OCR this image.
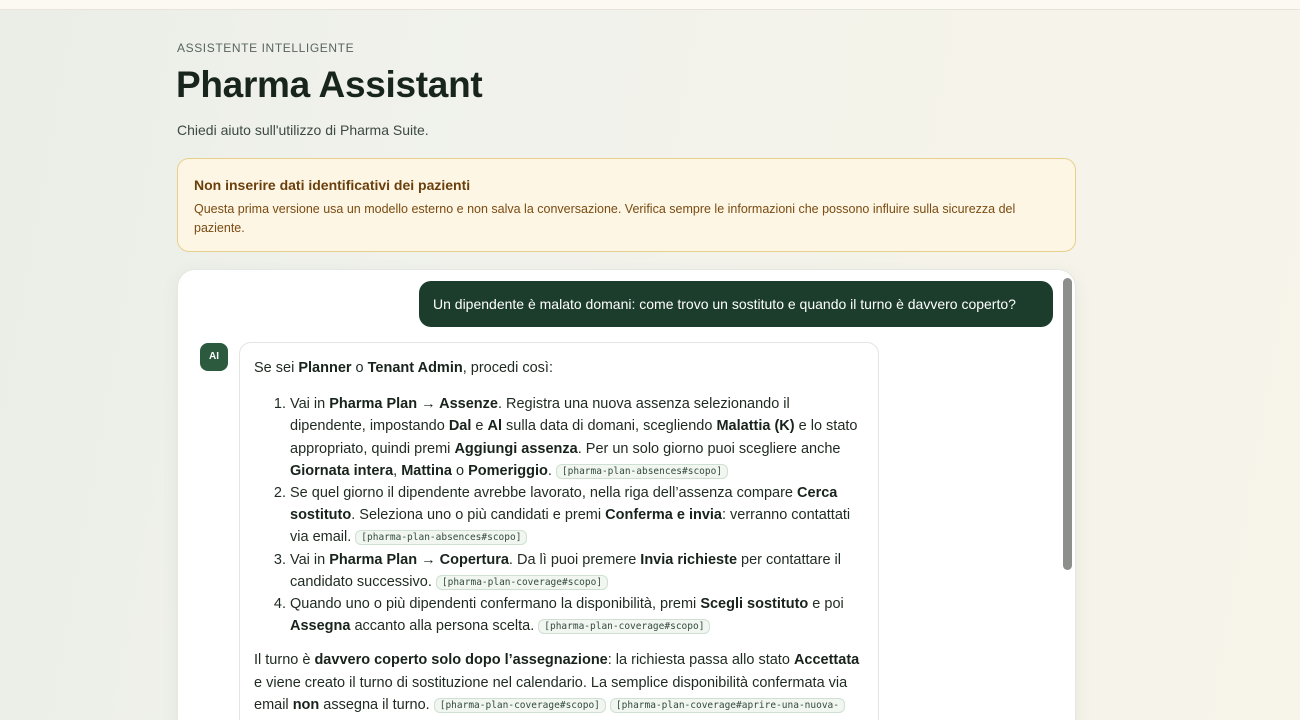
ASSISTENTE INTELLIGENTE
Pharma Assistant
Chiedi aiuto sull'utilizzo di Pharma Suite.
Non inserire dati identificativi dei pazienti
Questa prima versione usa un modello esterno e non salva la conversazione. Verifica sempre le informazioni che possono influire sulla sicurezza del paziente.
Un dipendente è malato domani: come trovo un sostituto e quando il turno è davvero coperto?
AI

Se sei Planner o Tenant Admin, procedi così:

1. Vai in Pharma Plan → Assenze. Registra una nuova assenza selezionando il dipendente, impostando Dal e Al sulla data di domani, scegliendo Malattia (K) e lo stato appropriato, quindi premi Aggiungi assenza. Per un solo giorno puoi scegliere anche Giornata intera, Mattina o Pomeriggio. [pharma-plan-absences#scopo]
2. Se quel giorno il dipendente avrebbe lavorato, nella riga dell’assenza compare Cerca sostituto. Seleziona uno o più candidati e premi Conferma e invia: verranno contattati via email. [pharma-plan-absences#scopo]
3. Vai in Pharma Plan → Copertura. Da lì puoi premere Invia richieste per contattare il candidato successivo. [pharma-plan-coverage#scopo]
4. Quando uno o più dipendenti confermano la disponibilità, premi Scegli sostituto e poi Assegna accanto alla persona scelta. [pharma-plan-coverage#scopo]

Il turno è davvero coperto solo dopo l’assegnazione: la richiesta passa allo stato Accettata e viene creato il turno di sostituzione nel calendario. La semplice disponibilità confermata via email non assegna il turno. [pharma-plan-coverage#scopo] [pharma-plan-coverage#aprire-una-nuova-
